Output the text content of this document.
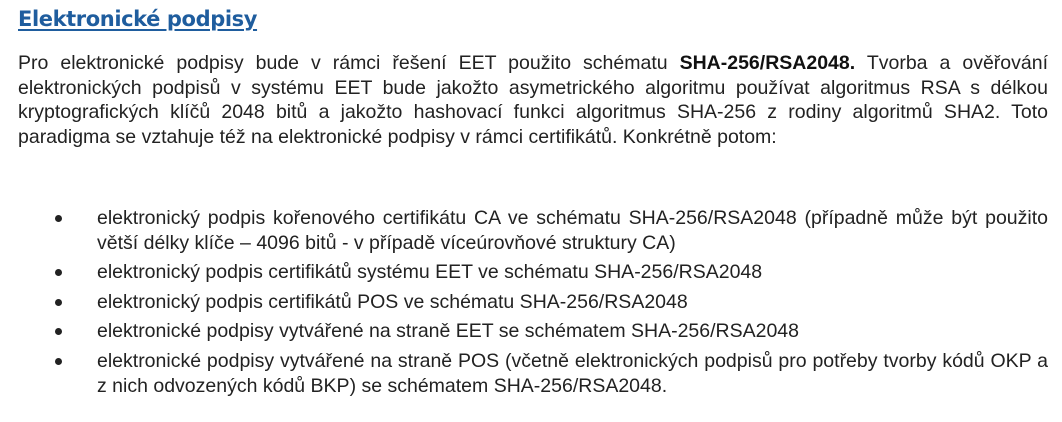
Elektronické podpisy

Pro elektronické podpisy bude v rámci řešení EET použito schématu SHA-256/RSA2048. Tvorba a ověřování elektronických podpisů v systému EET bude jakožto asymetrického algoritmu používat algoritmus RSA s délkou kryptografických klíčů 2048 bitů a jakožto hashovací funkci algoritmus SHA-256 z rodiny algoritmů SHA2. Toto paradigma se vztahuje též na elektronické podpisy v rámci certifikátů. Konkrétně potom:

elektronický podpis kořenového certifikátu CA ve schématu SHA-256/RSA2048 (případně může být použito větší délky klíče – 4096 bitů - v případě víceúrovňové struktury CA)
elektronický podpis certifikátů systému EET ve schématu SHA-256/RSA2048
elektronický podpis certifikátů POS ve schématu SHA-256/RSA2048
elektronické podpisy vytvářené na straně EET se schématem SHA-256/RSA2048
elektronické podpisy vytvářené na straně POS (včetně elektronických podpisů pro potřeby tvorby kódů OKP a z nich odvozených kódů BKP) se schématem SHA-256/RSA2048.
